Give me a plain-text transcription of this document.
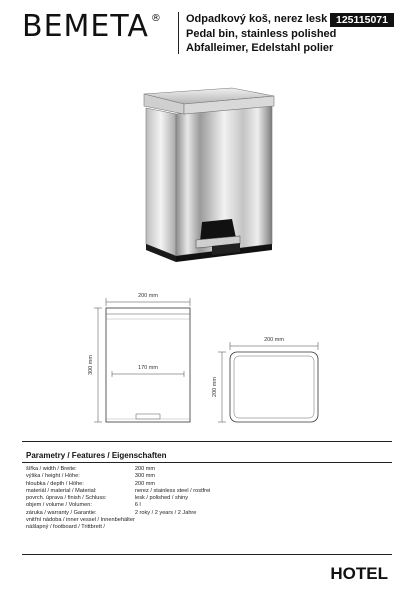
BEMETA ® Odpadkový koš, nerez lesk
Pedal bin, stainless polished
Abfalleimer, Edelstahl polier
125115071
200 mm
300 mm	170 mm
200 mm
200 mm
Parametry / Features / Eigenschaften
šířka / width / Breite:	200 mm
výška / height / Höhe:	300 mm
hloubka / depth / Höhe:	200 mm
materiál / material / Material:	nerez / stainless steel / rostfrei
povrch. úprava / finish / Schluss:	lesk / polished / shiny
objem / volume / Volumen:	6 l
záruka / warranty / Garantie:	2 roky / 2 years / 2 Jahre
vnitřní nádoba / inner vessel / Innenbehälter	
nášlapný / footboard / Trittbrett /	
HOTEL
